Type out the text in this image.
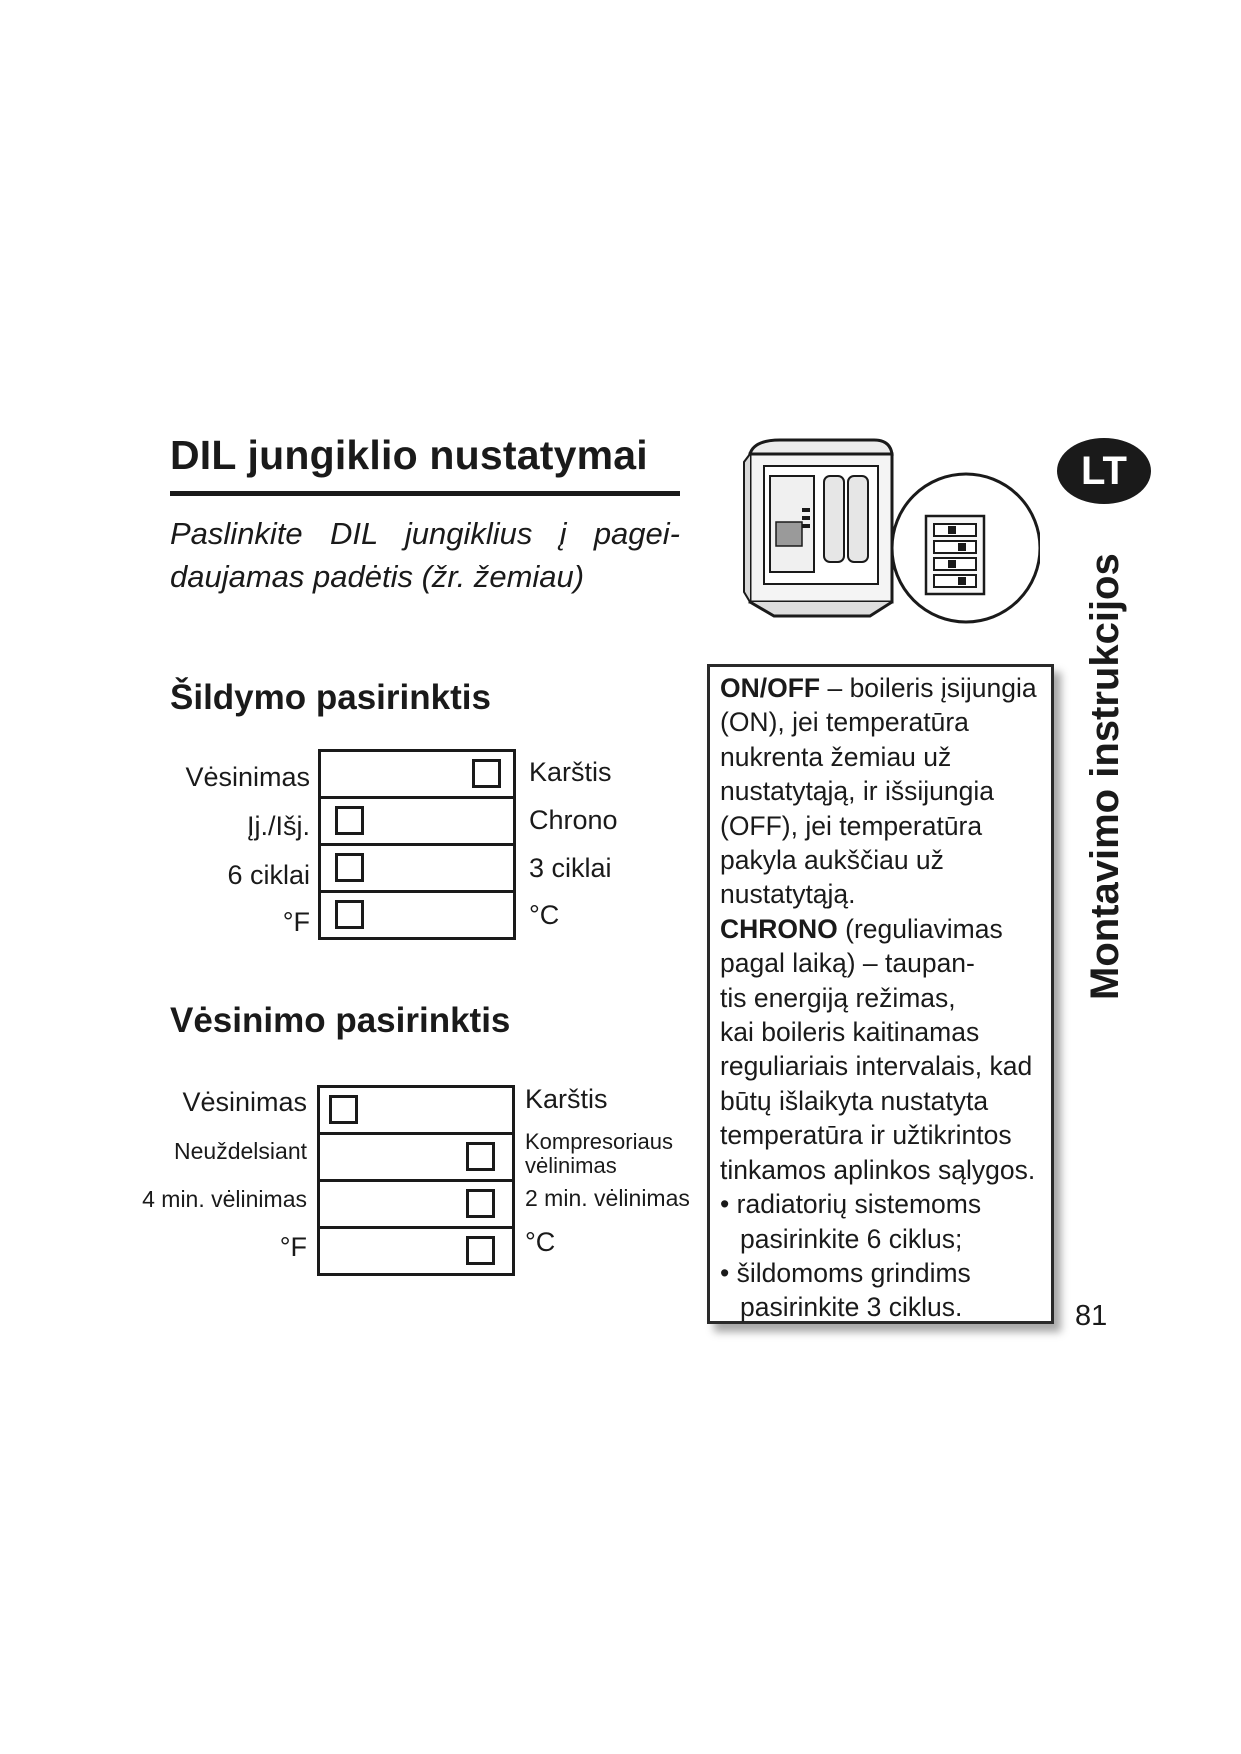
DIL jungiklio nustatymai
Paslinkite DIL jungiklius į pagei-
daujamas padėtis (žr. žemiau)
Šildymo pasirinktis
Vėsinimas	Karštis
Įj./Išj.	Chrono
6 ciklai	3 ciklai
°F	°C
Vėsinimo pasirinktis
Vėsinimas	Karštis
Neuždelsiant	Kompresoriaus
vėlinimas
4 min. vėlinimas	2 min. vėlinimas
°F	°C
ON/OFF – boileris įsijungia
(ON), jei temperatūra
nukrenta žemiau už
nustatytąją, ir išsijungia
(OFF), jei temperatūra
pakyla aukščiau už
nustatytąją.
CHRONO (reguliavimas
pagal laiką) – taupan-
tis energiją režimas,
kai boileris kaitinamas
reguliariais intervalais, kad
būtų išlaikyta nustatyta
temperatūra ir užtikrintos
tinkamos aplinkos sąlygos.
• radiatorių sistemoms
pasirinkite 6 ciklus;
• šildomoms grindims
pasirinkite 3 ciklus.
LT
Montavimo instrukcijos
81
